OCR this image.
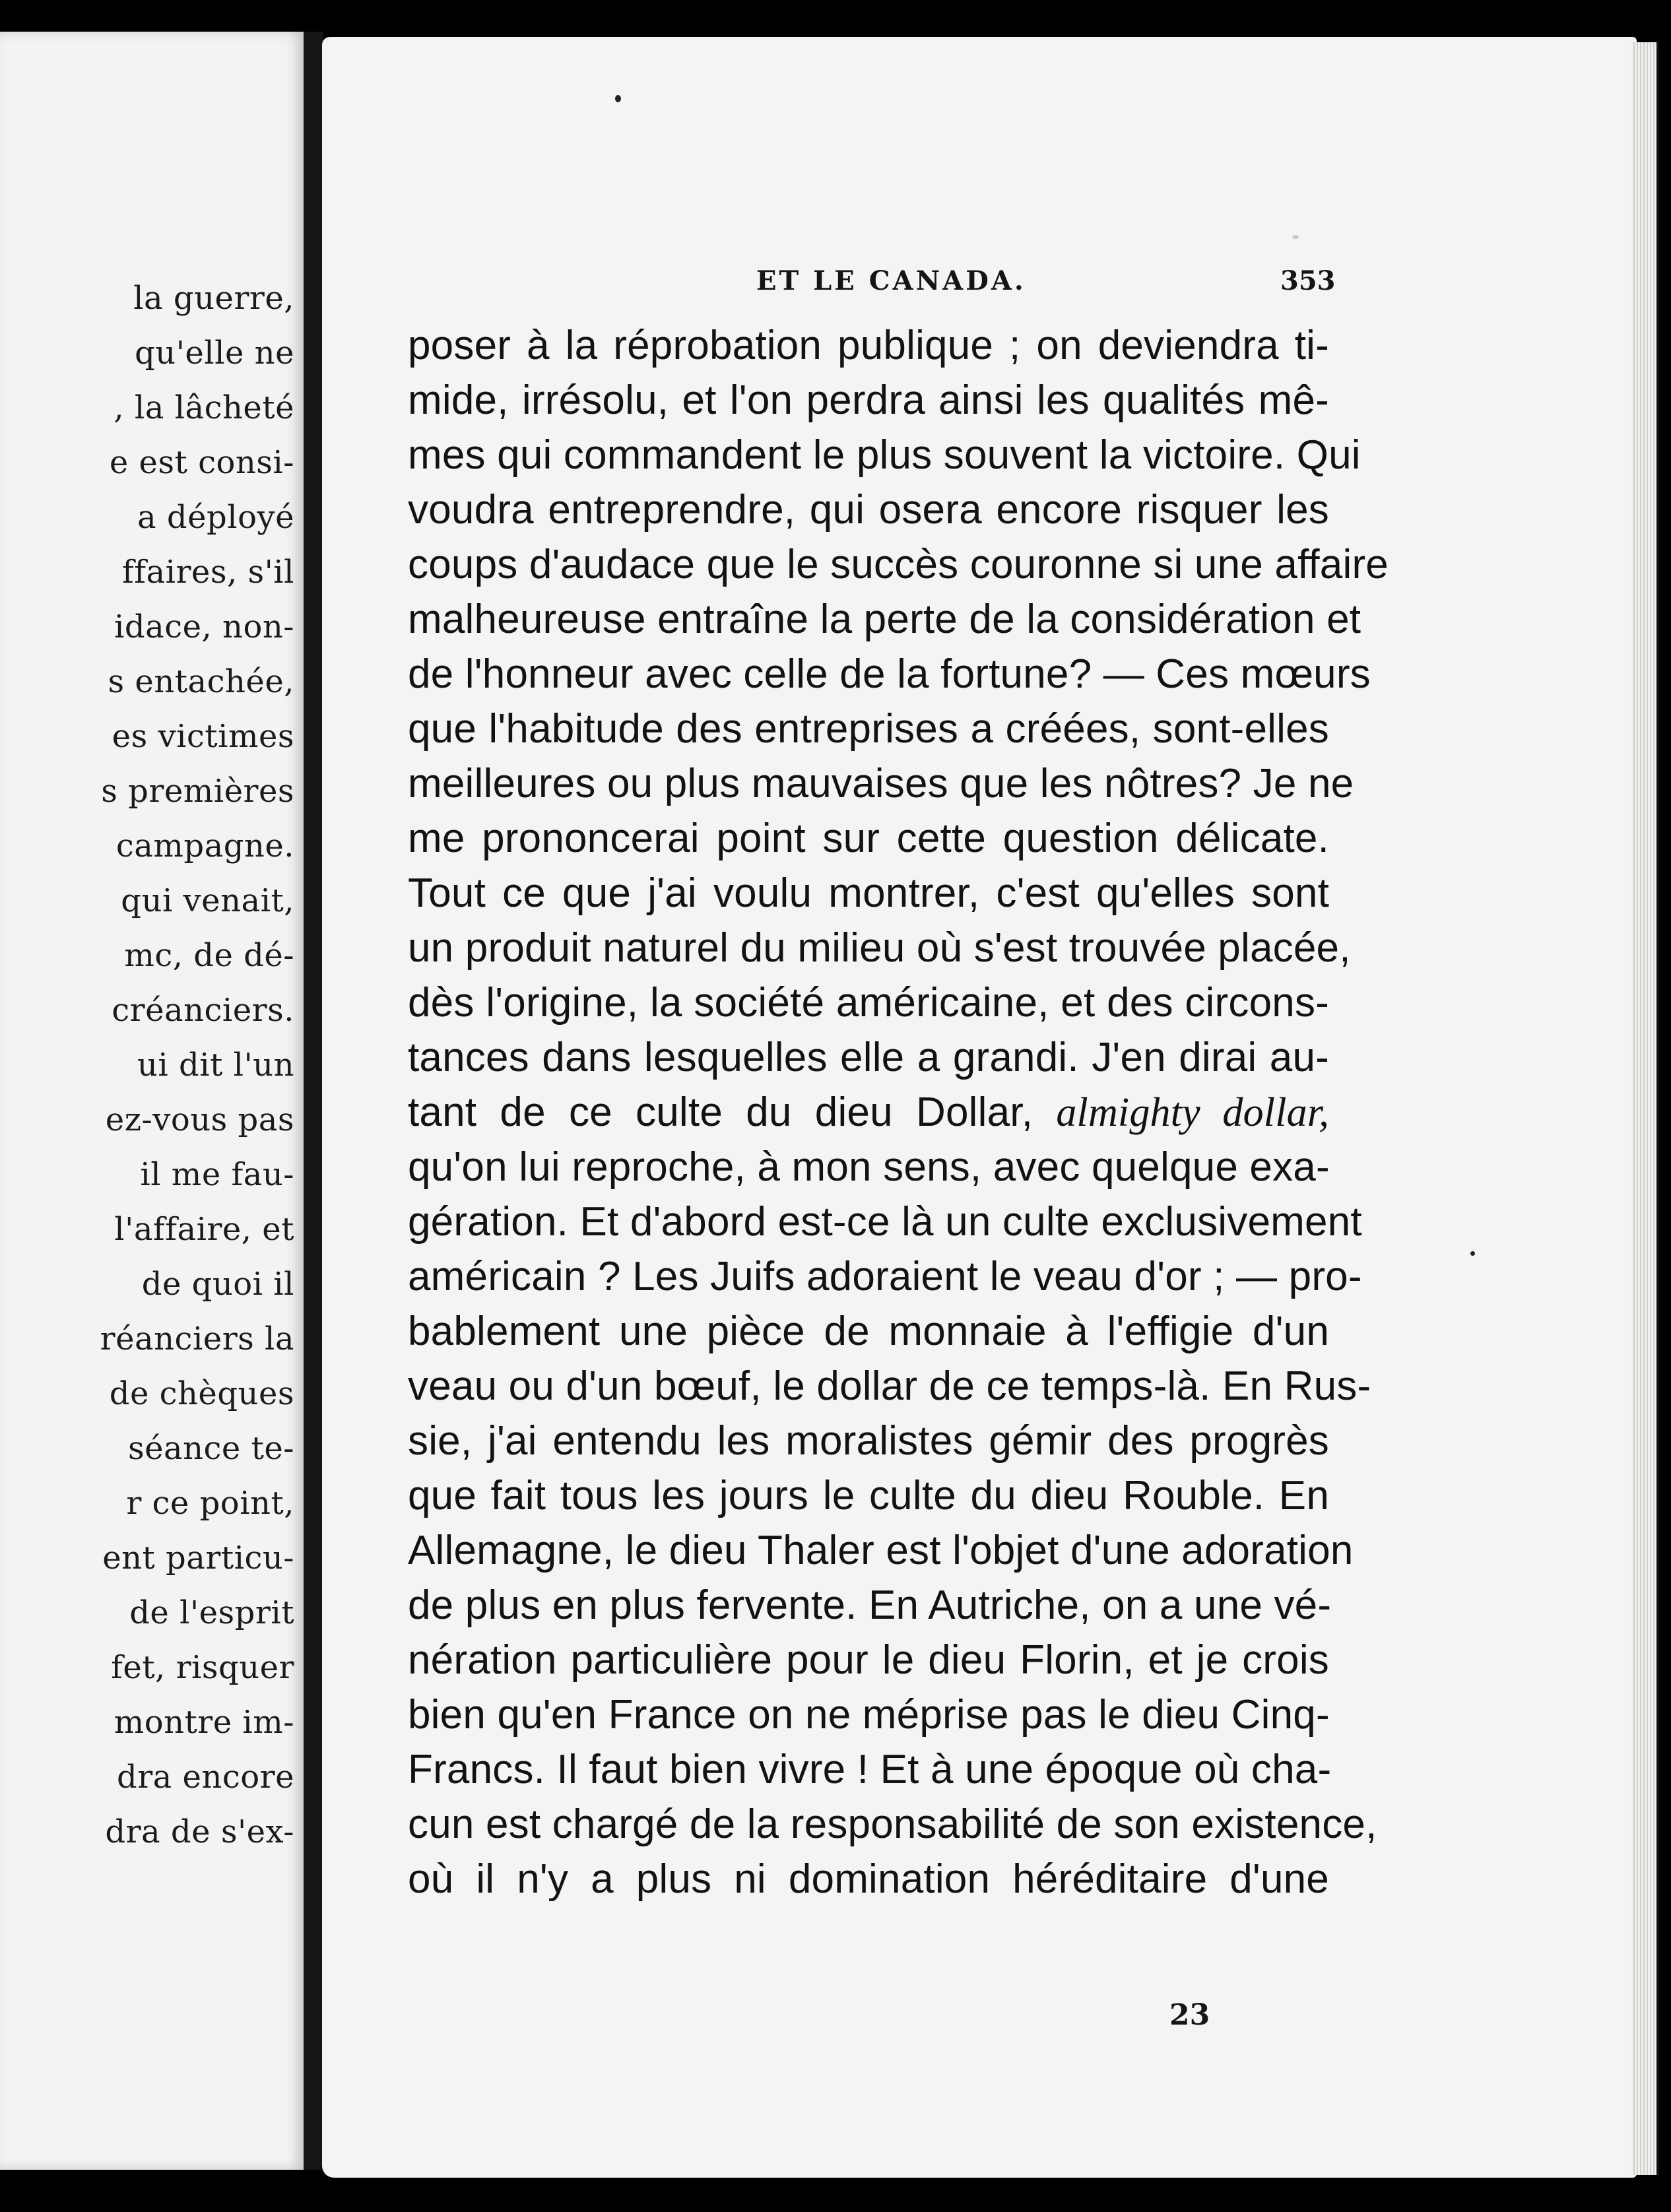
la guerre,

qu'elle ne

, la lâcheté

e est consi-

a déployé

ffaires, s'il

idace, non-

s entachée,

es victimes

s premières

campagne.

qui venait,

mc, de dé-

créanciers.

ui dit l'un

ez-vous pas

il me fau-

l'affaire, et

de quoi il

réanciers la

de chèques

séance te-

r ce point,

ent particu-

de l'esprit

fet, risquer

montre im-

dra encore

dra de s'ex-

ET LE CANADA.	353

poser à la réprobation publique ; on deviendra ti-

mide, irrésolu, et l'on perdra ainsi les qualités mê-

mes qui commandent le plus souvent la victoire. Qui

voudra entreprendre, qui osera encore risquer les

coups d'audace que le succès couronne si une affaire

malheureuse entraîne la perte de la considération et

de l'honneur avec celle de la fortune? — Ces mœurs

que l'habitude des entreprises a créées, sont-elles

meilleures ou plus mauvaises que les nôtres? Je ne

me prononcerai point sur cette question délicate.

Tout ce que j'ai voulu montrer, c'est qu'elles sont

un produit naturel du milieu où s'est trouvée placée,

dès l'origine, la société américaine, et des circons-

tances dans lesquelles elle a grandi. J'en dirai au-

tant de ce culte du dieu Dollar, almighty dollar,

qu'on lui reproche, à mon sens, avec quelque exa-

gération. Et d'abord est-ce là un culte exclusivement

américain ? Les Juifs adoraient le veau d'or ; — pro-

bablement une pièce de monnaie à l'effigie d'un

veau ou d'un bœuf, le dollar de ce temps-là. En Rus-

sie, j'ai entendu les moralistes gémir des progrès

que fait tous les jours le culte du dieu Rouble. En

Allemagne, le dieu Thaler est l'objet d'une adoration

de plus en plus fervente. En Autriche, on a une vé-

nération particulière pour le dieu Florin, et je crois

bien qu'en France on ne méprise pas le dieu Cinq-

Francs. Il faut bien vivre ! Et à une époque où cha-

cun est chargé de la responsabilité de son existence,

où il n'y a plus ni domination héréditaire d'une

23
